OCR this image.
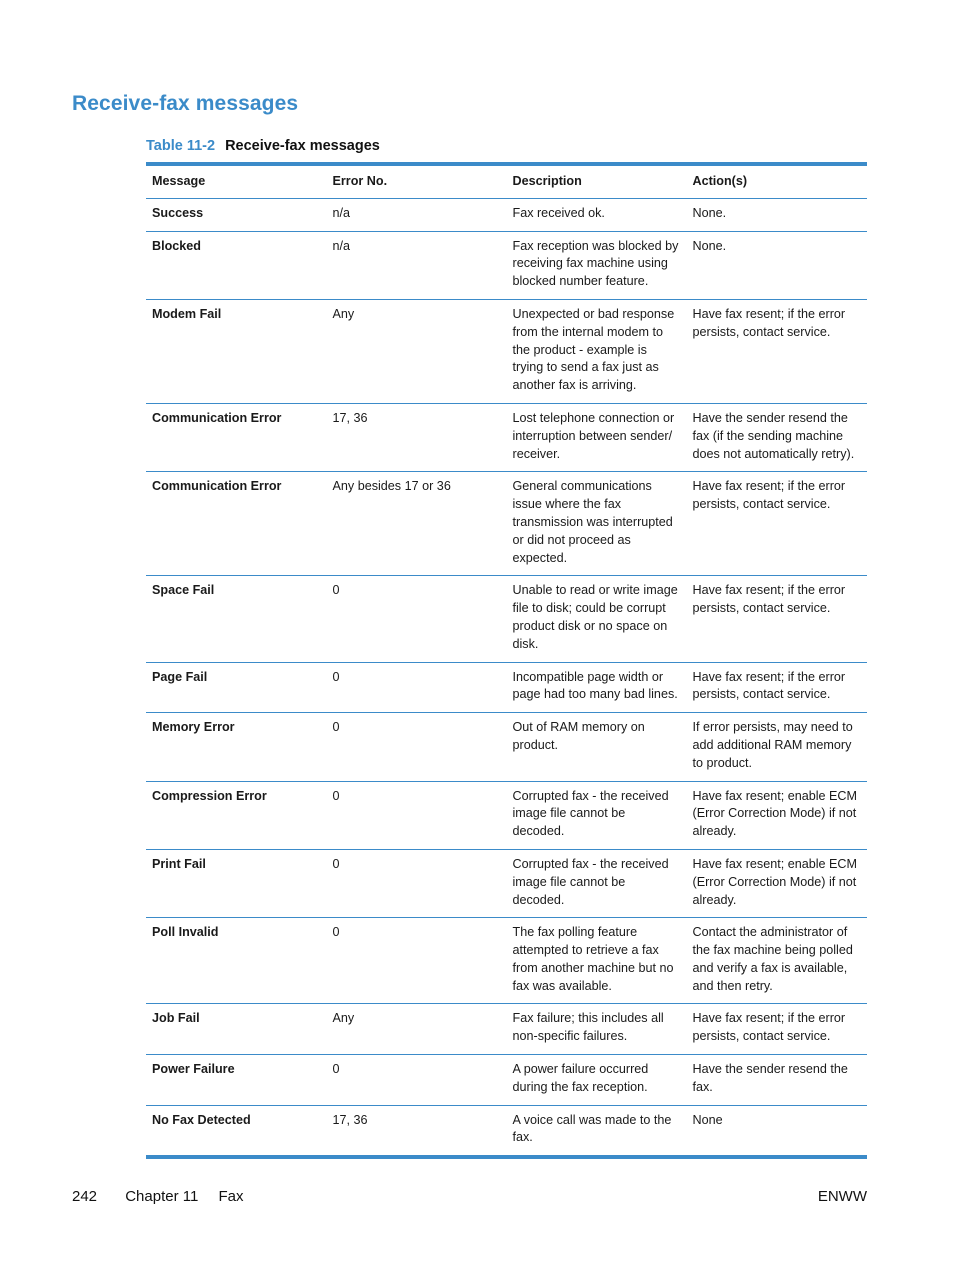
Receive-fax messages
Table 11-2 Receive-fax messages
Message	Error No.	Description	Action(s)
Success	n/a	Fax received ok.	None.
Blocked	n/a	Fax reception was blocked by receiving fax machine using blocked number feature.	None.
Modem Fail	Any	Unexpected or bad response from the internal modem to the product - example is trying to send a fax just as another fax is arriving.	Have fax resent; if the error persists, contact service.
Communication Error	17, 36	Lost telephone connection or interruption between sender/ receiver.	Have the sender resend the fax (if the sending machine does not automatically retry).
Communication Error	Any besides 17 or 36	General communications issue where the fax transmission was interrupted or did not proceed as expected.	Have fax resent; if the error persists, contact service.
Space Fail	0	Unable to read or write image file to disk; could be corrupt product disk or no space on disk.	Have fax resent; if the error persists, contact service.
Page Fail	0	Incompatible page width or page had too many bad lines.	Have fax resent; if the error persists, contact service.
Memory Error	0	Out of RAM memory on product.	If error persists, may need to add additional RAM memory to product.
Compression Error	0	Corrupted fax - the received image file cannot be decoded.	Have fax resent; enable ECM (Error Correction Mode) if not already.
Print Fail	0	Corrupted fax - the received image file cannot be decoded.	Have fax resent; enable ECM (Error Correction Mode) if not already.
Poll Invalid	0	The fax polling feature attempted to retrieve a fax from another machine but no fax was available.	Contact the administrator of the fax machine being polled and verify a fax is available, and then retry.
Job Fail	Any	Fax failure; this includes all non-specific failures.	Have fax resent; if the error persists, contact service.
Power Failure	0	A power failure occurred during the fax reception.	Have the sender resend the fax.
No Fax Detected	17, 36	A voice call was made to the fax.	None
242 Chapter 11 Fax	ENWW
